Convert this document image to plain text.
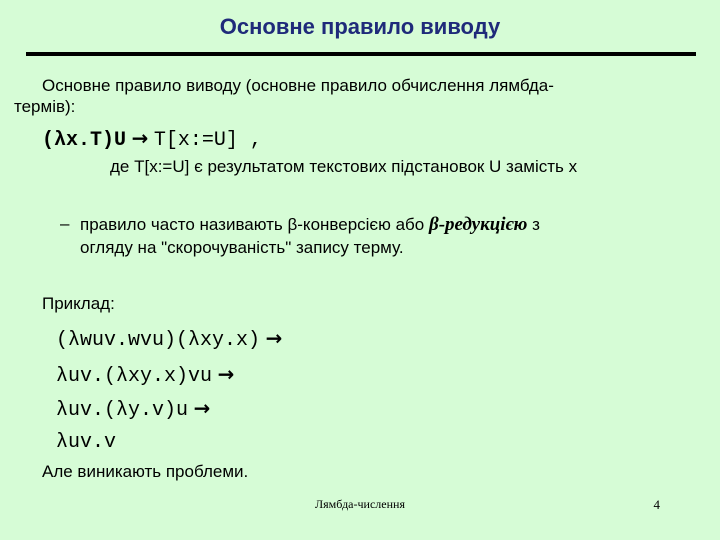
Основне правило виводу
Основне правило виводу (основне правило обчислення лямбда-
термів):
(λx.T)U → T[x:=U] ,
де T[x:=U] є результатом текстових підстановок U замість x
– правило часто називають β-конверсією або β-редукцією з
огляду на "скорочуваність" запису терму.
Приклад:
(λwuv.wvu)(λxy.x) →
λuv.(λxy.x)vu →
λuv.(λy.v)u →
λuv.v
Але виникають проблеми.
Лямбда-числення	4
